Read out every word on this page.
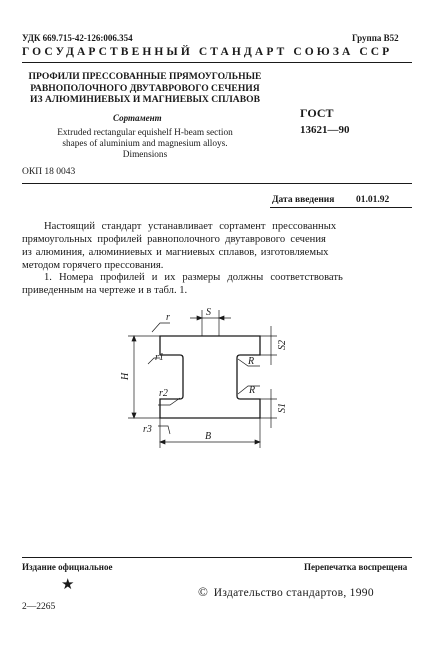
УДК 669.715-42-126:006.354	Группа В52
ГОСУДАРСТВЕННЫЙ СТАНДАРТ СОЮЗА ССР
ПРОФИЛИ ПРЕССОВАННЫЕ ПРЯМОУГОЛЬНЫЕ
РАВНОПОЛОЧНОГО ДВУТАВРОВОГО СЕЧЕНИЯ
ИЗ АЛЮМИНИЕВЫХ И МАГНИЕВЫХ СПЛАВОВ
Сортамент
Extruded rectangular equishelf H-beam section
shapes of aluminium and magnesium alloys.
Dimensions
ГОСТ
13621—90
ОКП 18 0043
Дата введения 01.01.92
Настоящий стандарт устанавливает сортамент прессованных
прямоугольных профилей равнополочного двутаврового сечения
из алюминия, алюминиевых и магниевых сплавов, изготовляемых
методом горячего прессования.
1. Номера профилей и их размеры должны соответствовать
приведенным на чертеже и в табл. 1.
r	S
r1	R
r2	R
r3
B
H
S2
S1
Издание официальное	Перепечатка воспрещена
★	© Издательство стандартов, 1990
2—2265
